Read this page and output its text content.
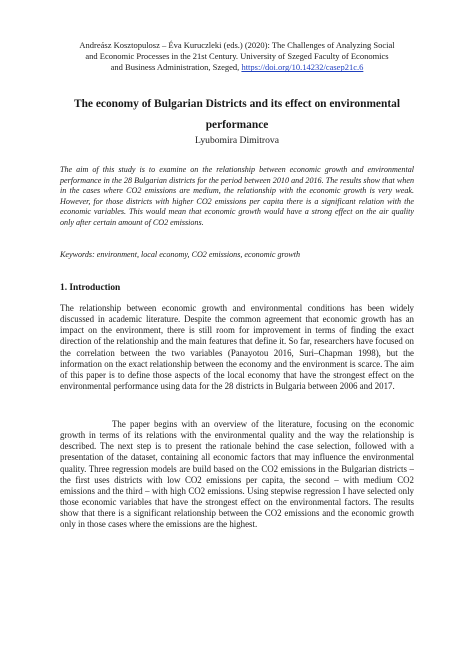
Andreász Kosztopulosz – Éva Kuruczleki (eds.) (2020): The Challenges of Analyzing Social
and Economic Processes in the 21st Century. University of Szeged Faculty of Economics
and Business Administration, Szeged, https://doi.org/10.14232/casep21c.6
The economy of Bulgarian Districts and its effect on environmental performance
Lyubomira Dimitrova
The aim of this study is to examine on the relationship between economic growth and environmental performance in the 28 Bulgarian districts for the period between 2010 and 2016. The results show that when in the cases where CO2 emissions are medium, the relationship with the economic growth is very weak. However, for those districts with higher CO2 emissions per capita there is a significant relation with the economic variables. This would mean that economic growth would have a strong effect on the air quality only after certain amount of CO2 emissions.
Keywords: environment, local economy, CO2 emissions, economic growth
1. Introduction
The relationship between economic growth and environmental conditions has been widely discussed in academic literature. Despite the common agreement that economic growth has an impact on the environment, there is still room for improvement in terms of finding the exact direction of the relationship and the main features that define it. So far, researchers have focused on the correlation between the two variables (Panayotou 2016, Suri–Chapman 1998), but the information on the exact relationship between the economy and the environment is scarce. The aim of this paper is to define those aspects of the local economy that have the strongest effect on the environmental performance using data for the 28 districts in Bulgaria between 2006 and 2017.
The paper begins with an overview of the literature, focusing on the economic growth in terms of its relations with the environmental quality and the way the relationship is described. The next step is to present the rationale behind the case selection, followed with a presentation of the dataset, containing all economic factors that may influence the environmental quality. Three regression models are build based on the CO2 emissions in the Bulgarian districts – the first uses districts with low CO2 emissions per capita, the second – with medium CO2 emissions and the third – with high CO2 emissions. Using stepwise regression I have selected only those economic variables that have the strongest effect on the environmental factors. The results show that there is a significant relationship between the CO2 emissions and the economic growth only in those cases where the emissions are the highest.
